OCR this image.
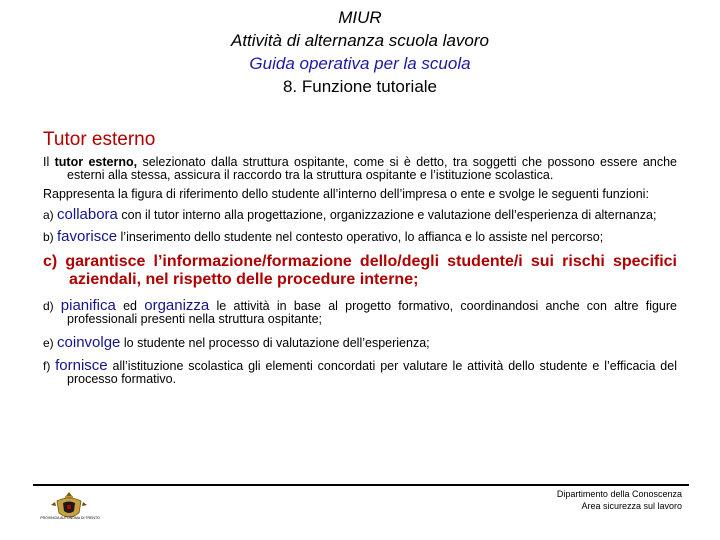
MIUR
Attività di alternanza scuola lavoro
Guida operativa per la scuola
8. Funzione tutoriale
Tutor esterno

Il tutor esterno, selezionato dalla struttura ospitante, come si è detto, tra soggetti che possono essere anche esterni alla stessa, assicura il raccordo tra la struttura ospitante e l’istituzione scolastica.

Rappresenta la figura di riferimento dello studente all’interno dell’impresa o ente e svolge le seguenti funzioni:

a) collabora con il tutor interno alla progettazione, organizzazione e valutazione dell’esperienza di alternanza;

b) favorisce l’inserimento dello studente nel contesto operativo, lo affianca e lo assiste nel percorso;

c) garantisce l’informazione/formazione dello/degli studente/i sui rischi specifici aziendali, nel rispetto delle procedure interne;

d) pianifica ed organizza le attività in base al progetto formativo, coordinandosi anche con altre figure professionali presenti nella struttura ospitante;

e) coinvolge lo studente nel processo di valutazione dell’esperienza;

f) fornisce all’istituzione scolastica gli elementi concordati per valutare le attività dello studente e l’efficacia del processo formativo.

PROVINCIA AUTONOMA DI TRENTO
Dipartimento della Conoscenza
Area sicurezza sul lavoro
